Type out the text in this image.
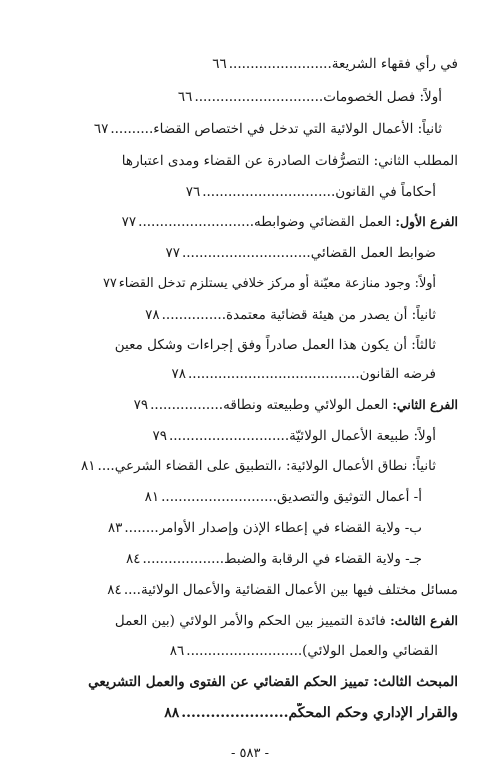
في رأي فقهاء الشريعة
........................
٦٦
أولاً: فصل الخصومات
..............................
٦٦
ثانياً: الأعمال الولائية التي تدخل في اختصاص القضاء
..........
٦٧
المطلب الثاني: التصرُّفات الصادرة عن القضاء ومدى اعتبارها
أحكاماً في القانون
...............................
٧٦
الفرع الأول:
العمل القضائي وضوابطه
...........................
٧٧
ضوابط العمل القضائي
..............................
٧٧
أولاً: وجود منازعة معيّنة أو مركز خلافي يستلزم تدخل القضاء
٧٧
ثانياً: أن يصدر من هيئة قضائية معتمدة
...............
٧٨
ثالثاً: أن يكون هذا العمل صادراً وفق إجراءات وشكل معين
فرضه القانون
........................................
٧٨
الفرع الثاني:
العمل الولائي وطبيعته ونطاقه
.................
٧٩
أولاً: طبيعة الأعمال الولائيّة
............................
٧٩
ثانياً: نطاق الأعمال الولائية: ،التطبيق على القضاء الشرعي
....
٨١
أ- أعمال التوثيق والتصديق
...........................
٨١
ب- ولاية القضاء في إعطاء الإذن وإصدار الأوامر
........
٨٣
جـ- ولاية القضاء في الرقابة والضبط
...................
٨٤
مسائل مختلف فيها بين الأعمال القضائية والأعمال الولائية
....
٨٤
الفرع الثالث: فائدة التمييز بين الحكم والأمر الولائي (بين العمل
القضائي والعمل الولائي)
...........................
٨٦
المبحث الثالث: تمييز الحكم القضائي عن الفتوى والعمل التشريعي
والقرار الإداري وحكم المحكّم
......................
٨٨
- ٥٨٣ -
